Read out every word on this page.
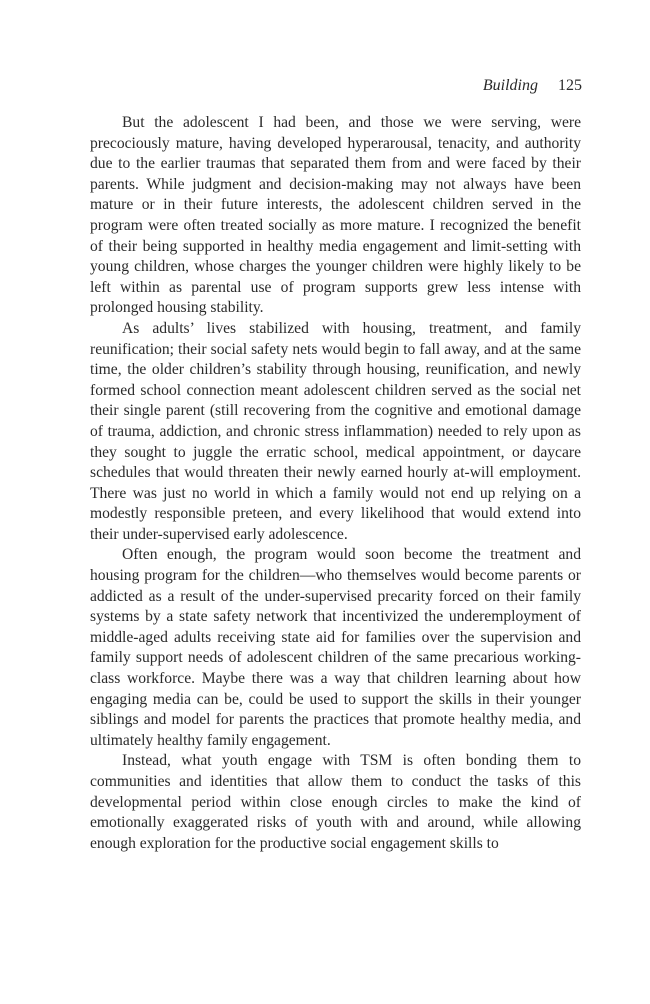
Building 125

But the adolescent I had been, and those we were serving, were precociously mature, having developed hyperarousal, tenacity, and authority due to the earlier traumas that separated them from and were faced by their parents. While judgment and decision-making may not always have been mature or in their future interests, the adolescent children served in the program were often treated socially as more mature. I recognized the benefit of their being supported in healthy media engagement and limit-setting with young children, whose charges the younger children were highly likely to be left within as parental use of program supports grew less intense with prolonged housing stability.

As adults’ lives stabilized with housing, treatment, and family reunification; their social safety nets would begin to fall away, and at the same time, the older children’s stability through housing, reunification, and newly formed school connection meant adolescent children served as the social net their single parent (still recovering from the cognitive and emotional damage of trauma, addiction, and chronic stress inflammation) needed to rely upon as they sought to juggle the erratic school, medical appointment, or daycare schedules that would threaten their newly earned hourly at-will employment. There was just no world in which a family would not end up relying on a modestly responsible preteen, and every likelihood that would extend into their under-supervised early adolescence.

Often enough, the program would soon become the treatment and housing program for the children—who themselves would become parents or addicted as a result of the under-supervised precarity forced on their family systems by a state safety network that incentivized the underemployment of middle-aged adults receiving state aid for families over the supervision and family support needs of adolescent children of the same precarious working-class workforce. Maybe there was a way that children learning about how engaging media can be, could be used to support the skills in their younger siblings and model for parents the practices that promote healthy media, and ultimately healthy family engagement.

Instead, what youth engage with TSM is often bonding them to communities and identities that allow them to conduct the tasks of this developmental period within close enough circles to make the kind of emotionally exaggerated risks of youth with and around, while allowing enough exploration for the productive social engagement skills to
